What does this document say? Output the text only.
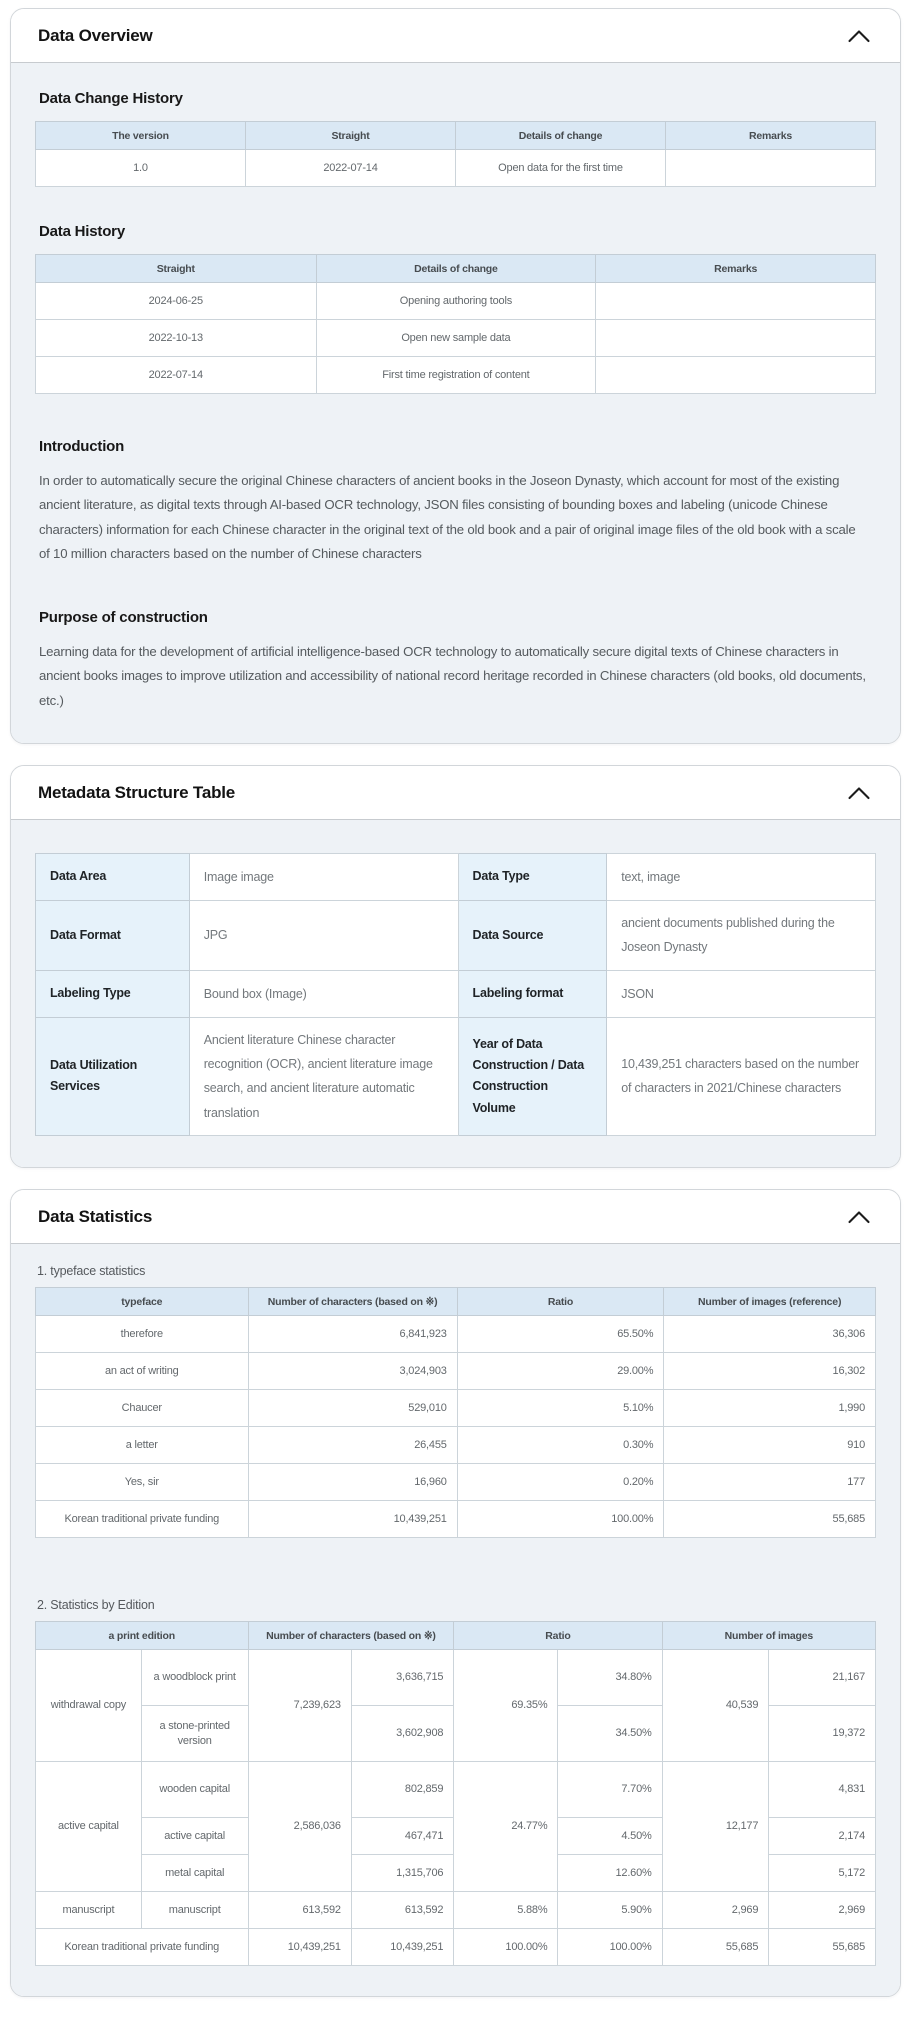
Data Overview
Data Change History
The version	Straight	Details of change	Remarks
1.0	2022-07-14	Open data for the first time	
Data History
Straight	Details of change	Remarks
2024-06-25	Opening authoring tools	
2022-10-13	Open new sample data	
2022-07-14	First time registration of content	
Introduction

In order to automatically secure the original Chinese characters of ancient books in the Joseon Dynasty, which account for most of the existing ancient literature, as digital texts through AI-based OCR technology, JSON files consisting of bounding boxes and labeling (unicode Chinese characters) information for each Chinese character in the original text of the old book and a pair of original image files of the old book with a scale of 10 million characters based on the number of Chinese characters

Purpose of construction

Learning data for the development of artificial intelligence-based OCR technology to automatically secure digital texts of Chinese characters in ancient books images to improve utilization and accessibility of national record heritage recorded in Chinese characters (old books, old documents, etc.)

Metadata Structure Table
Data Area	Image image	Data Type	text, image
Data Format	JPG	Data Source	ancient documents published during the Joseon Dynasty
Labeling Type	Bound box (Image)	Labeling format	JSON
Data Utilization Services	Ancient literature Chinese character recognition (OCR), ancient literature image search, and ancient literature automatic translation	Year of Data Construction / Data Construction Volume	10,439,251 characters based on the number of characters in 2021/Chinese characters
Data Statistics

1. typeface statistics

typeface	Number of characters (based on ※)	Ratio	Number of images (reference)
therefore	6,841,923	65.50%	36,306
an act of writing	3,024,903	29.00%	16,302
Chaucer	529,010	5.10%	1,990
a letter	26,455	0.30%	910
Yes, sir	16,960	0.20%	177
Korean traditional private funding	10,439,251	100.00%	55,685

2. Statistics by Edition

a print edition		Number of characters (based on ※)		Ratio		Number of images	
withdrawal copy	a woodblock print	7,239,623	3,636,715	69.35%	34.80%	40,539	21,167
	a stone-printed version		3,602,908		34.50%		19,372
active capital	wooden capital	2,586,036	802,859	24.77%	7.70%	12,177	4,831
	active capital		467,471		4.50%		2,174
	metal capital		1,315,706		12.60%		5,172
manuscript	manuscript	613,592	613,592	5.88%	5.90%	2,969	2,969
Korean traditional private funding		10,439,251	10,439,251	100.00%	100.00%	55,685	55,685
